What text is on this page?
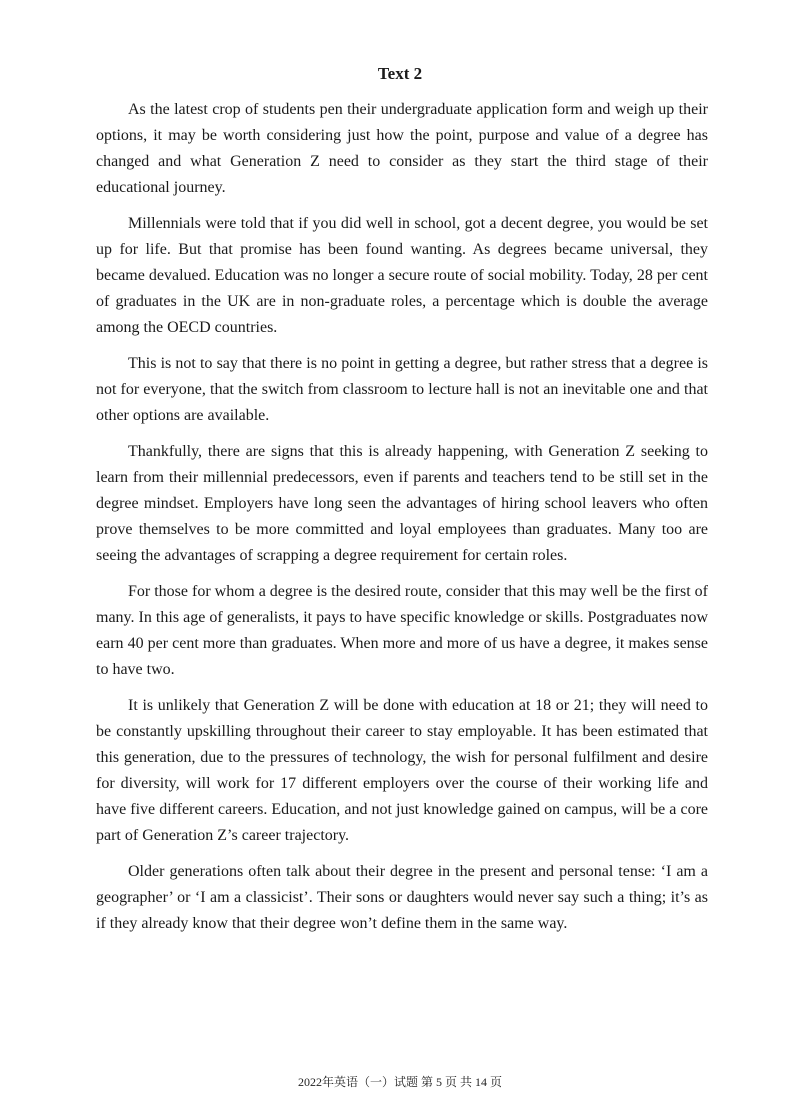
Text 2

As the latest crop of students pen their undergraduate application form and weigh up their options, it may be worth considering just how the point, purpose and value of a degree has changed and what Generation Z need to consider as they start the third stage of their educational journey.

Millennials were told that if you did well in school, got a decent degree, you would be set up for life. But that promise has been found wanting. As degrees became universal, they became devalued. Education was no longer a secure route of social mobility. Today, 28 per cent of graduates in the UK are in non-graduate roles, a percentage which is double the average among the OECD countries.

This is not to say that there is no point in getting a degree, but rather stress that a degree is not for everyone, that the switch from classroom to lecture hall is not an inevitable one and that other options are available.

Thankfully, there are signs that this is already happening, with Generation Z seeking to learn from their millennial predecessors, even if parents and teachers tend to be still set in the degree mindset. Employers have long seen the advantages of hiring school leavers who often prove themselves to be more committed and loyal employees than graduates. Many too are seeing the advantages of scrapping a degree requirement for certain roles.

For those for whom a degree is the desired route, consider that this may well be the first of many. In this age of generalists, it pays to have specific knowledge or skills. Postgraduates now earn 40 per cent more than graduates. When more and more of us have a degree, it makes sense to have two.

It is unlikely that Generation Z will be done with education at 18 or 21; they will need to be constantly upskilling throughout their career to stay employable. It has been estimated that this generation, due to the pressures of technology, the wish for personal fulfilment and desire for diversity, will work for 17 different employers over the course of their working life and have five different careers. Education, and not just knowledge gained on campus, will be a core part of Generation Z’s career trajectory.

Older generations often talk about their degree in the present and personal tense: ‘I am a geographer’ or ‘I am a classicist’. Their sons or daughters would never say such a thing; it’s as if they already know that their degree won’t define them in the same way.

2022年英语（一）试题 第 5 页 共 14 页
